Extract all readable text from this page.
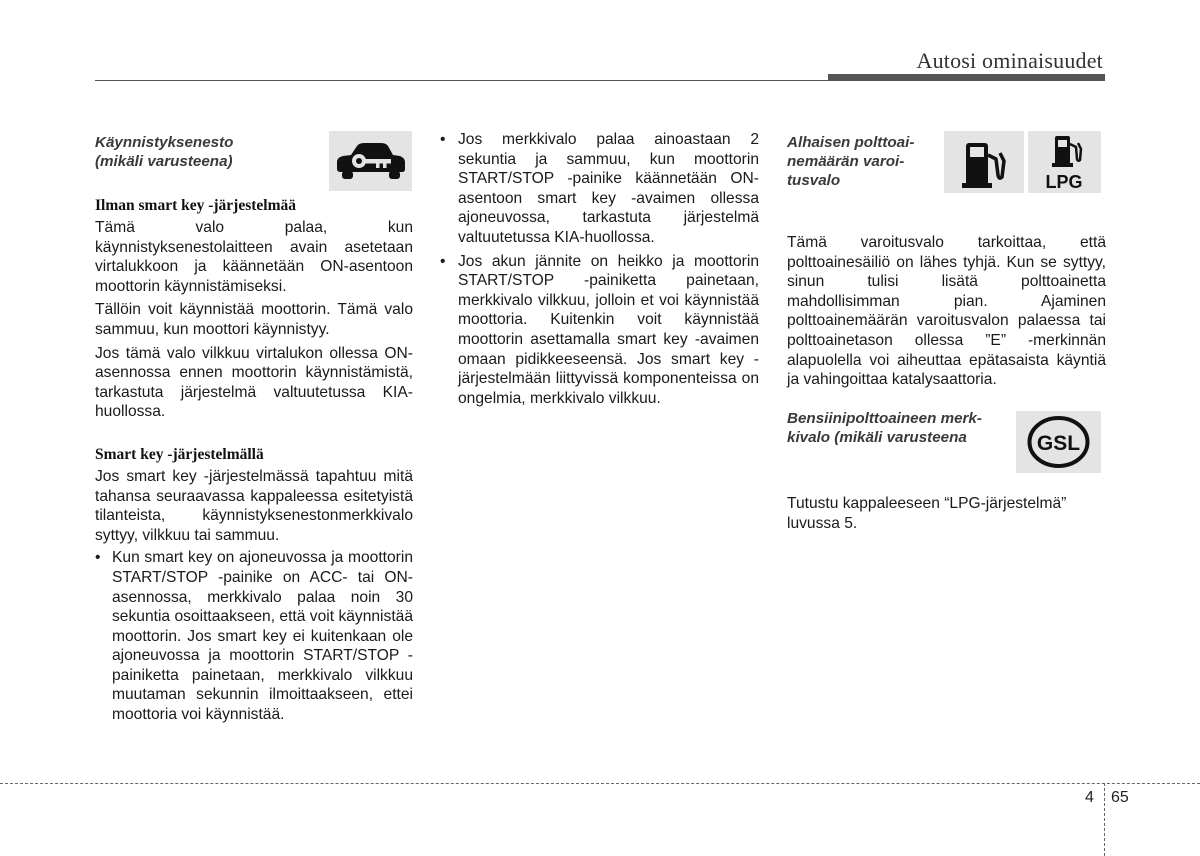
Autosi ominaisuudet

Käynnistyksenesto
(mikäli varusteena)

Ilman smart key -järjestelmää

Tämä valo palaa, kun käynnistyksenestolaitteen avain asetetaan virtalukkoon ja käännetään ON-asentoon moottorin käynnistämiseksi.

Tällöin voit käynnistää moottorin. Tämä valo sammuu, kun moottori käynnistyy.

Jos tämä valo vilkkuu virtalukon ollessa ON-asennossa ennen moottorin käynnistämistä, tarkastuta järjestelmä valtuutetussa KIA-huollossa.

Smart key -järjestelmällä

Jos smart key -järjestelmässä tapahtuu mitä tahansa seuraavassa kappaleessa esitetyistä tilanteista, käynnistyksenestonmerkkivalo syttyy, vilkkuu tai sammuu.

• Kun smart key on ajoneuvossa ja moottorin START/STOP -painike on ACC- tai ON-asennossa, merkkivalo palaa noin 30 sekuntia osoittaakseen, että voit käynnistää moottorin. Jos smart key ei kuitenkaan ole ajoneuvossa ja moottorin START/STOP -painiketta painetaan, merkkivalo vilkkuu muutaman sekunnin ilmoittaakseen, ettei moottoria voi käynnistää.
• Jos merkkivalo palaa ainoastaan 2 sekuntia ja sammuu, kun moottorin START/STOP -painike käännetään ON-asentoon smart key -avaimen ollessa ajoneuvossa, tarkastuta järjestelmä valtuutetussa KIA-huollossa.
• Jos akun jännite on heikko ja moottorin START/STOP -painiketta painetaan, merkkivalo vilkkuu, jolloin et voi käynnistää moottoria. Kuitenkin voit käynnistää moottorin asettamalla smart key -avaimen omaan pidikkeeseensä. Jos smart key -järjestelmään liittyvissä komponenteissa on ongelmia, merkkivalo vilkkuu.

Alhaisen polttoai-
nemäärän varoi-
tusvalo	LPG

Tämä varoitusvalo tarkoittaa, että polttoainesäiliö on lähes tyhjä. Kun se syttyy, sinun tulisi lisätä polttoainetta mahdollisimman pian. Ajaminen polttoainemäärän varoitusvalon palaessa tai polttoainetason ollessa ”E” -merkinnän alapuolella voi aiheuttaa epätasaista käyntiä ja vahingoittaa katalysaattoria.

Bensiinipolttoaineen merk-
kivalo (mikäli varusteena	GSL

Tutustu kappaleeseen “LPG-järjestelmä” luvussa 5.

4 65
